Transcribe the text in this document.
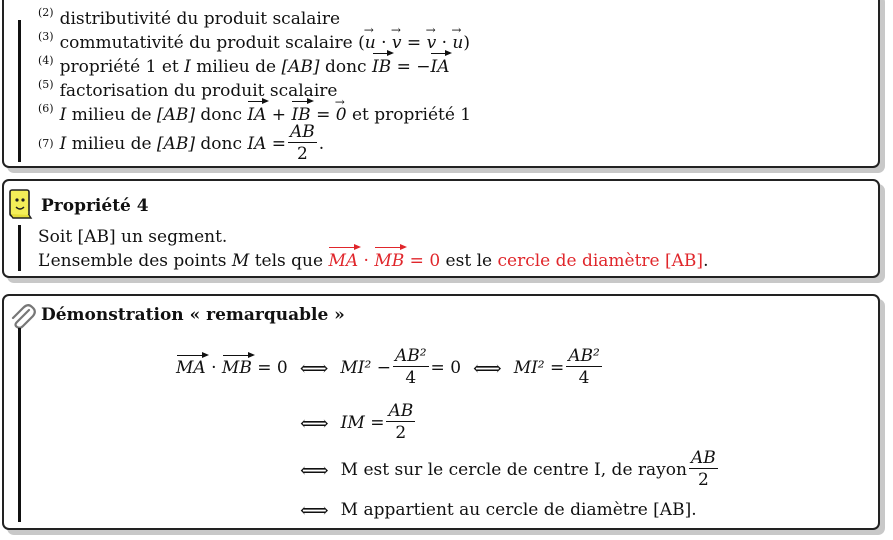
$^{(2)}$ distributivité du produit scalaire
$^{(3)}$ commutativité du produit scalaire (→ u · → v = → v · → u)
$^{(4)}$ propriété 1 et I milieu de [AB] donc IB = −IA
$^{(5)}$ factorisation du produit scalaire
$^{(6)}$ I milieu de [AB] donc IA + IB = → 0 et propriété 1
(7) I
milieu de
[AB]
donc
IA = $\frac{AB}{2}$ .
Propriété 4
Soit [AB] un segment.
L’ensemble des points M tels que MA · MB = 0 est le cercle de diamètre [AB].
Démonstration « remarquable »
MA · MB
= 0 ⟺ $MI^2 - \frac{\text{AB²}}{4} = 0$ ⟺ $MI^2 = \frac{\text{AB²}}{4}$
⟺ IM = $\frac{AB}{2}$
⟺ M est sur le cercle de centre I, de rayon $\frac{AB}{2}$
⟺ M appartient au cercle de diamètre [AB].
